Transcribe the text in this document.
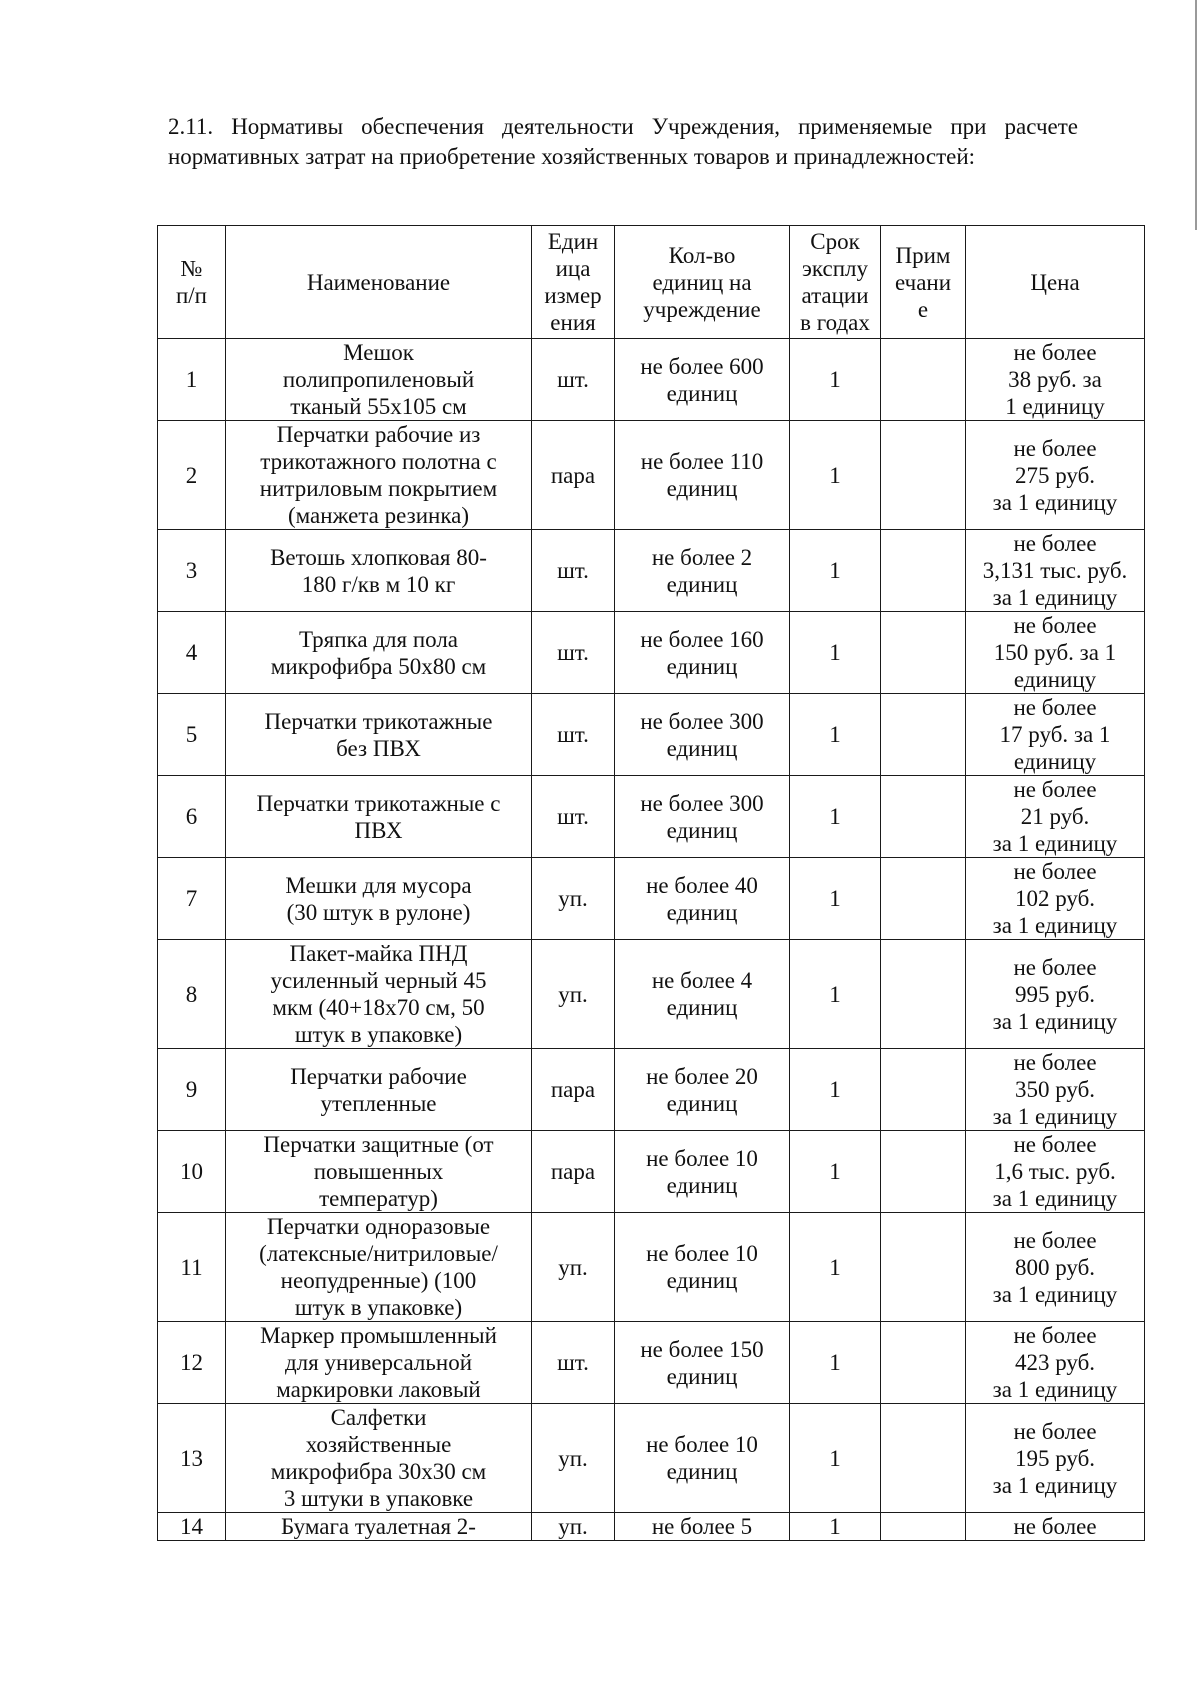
2.11. Нормативы обеспечения деятельности Учреждения, применяемые при расчете
нормативных затрат на приобретение хозяйственных товаров и принадлежностей:
№
п/п	Наименование	Един
ица
измер
ения	Кол-во
единиц на
учреждение	Срок
эксплу
атации
в годах	Прим
ечани
е	Цена
1	Мешок
полипропиленовый
тканый 55х105 см	шт.	не более 600
единиц	1		не более
38 руб. за
1 единицу
2	Перчатки рабочие из
трикотажного полотна с
нитриловым покрытием
(манжета резинка)	пара	не более 110
единиц	1		не более
275 руб.
за 1 единицу
3	Ветошь хлопковая 80-
180 г/кв м 10 кг	шт.	не более 2
единиц	1		не более
3,131 тыс. руб.
за 1 единицу
4	Тряпка для пола
микрофибра 50х80 см	шт.	не более 160
единиц	1		не более
150 руб. за 1
единицу
5	Перчатки трикотажные
без ПВХ	шт.	не более 300
единиц	1		не более
17 руб. за 1
единицу
6	Перчатки трикотажные с
ПВХ	шт.	не более 300
единиц	1		не более
21 руб.
за 1 единицу
7	Мешки для мусора
(30 штук в рулоне)	уп.	не более 40
единиц	1		не более
102 руб.
за 1 единицу
8	Пакет-майка ПНД
усиленный черный 45
мкм (40+18х70 см, 50
штук в упаковке)	уп.	не более 4
единиц	1		не более
995 руб.
за 1 единицу
9	Перчатки рабочие
утепленные	пара	не более 20
единиц	1		не более
350 руб.
за 1 единицу
10	Перчатки защитные (от
повышенных
температур)	пара	не более 10
единиц	1		не более
1,6 тыс. руб.
за 1 единицу
11	Перчатки одноразовые
(латексные/нитриловые/
неопудренные) (100
штук в упаковке)	уп.	не более 10
единиц	1		не более
800 руб.
за 1 единицу
12	Маркер промышленный
для универсальной
маркировки лаковый	шт.	не более 150
единиц	1		не более
423 руб.
за 1 единицу
13	Салфетки
хозяйственные
микрофибра 30х30 см
3 штуки в упаковке	уп.	не более 10
единиц	1		не более
195 руб.
за 1 единицу
14	Бумага туалетная 2-	уп.	не более 5	1		не более
